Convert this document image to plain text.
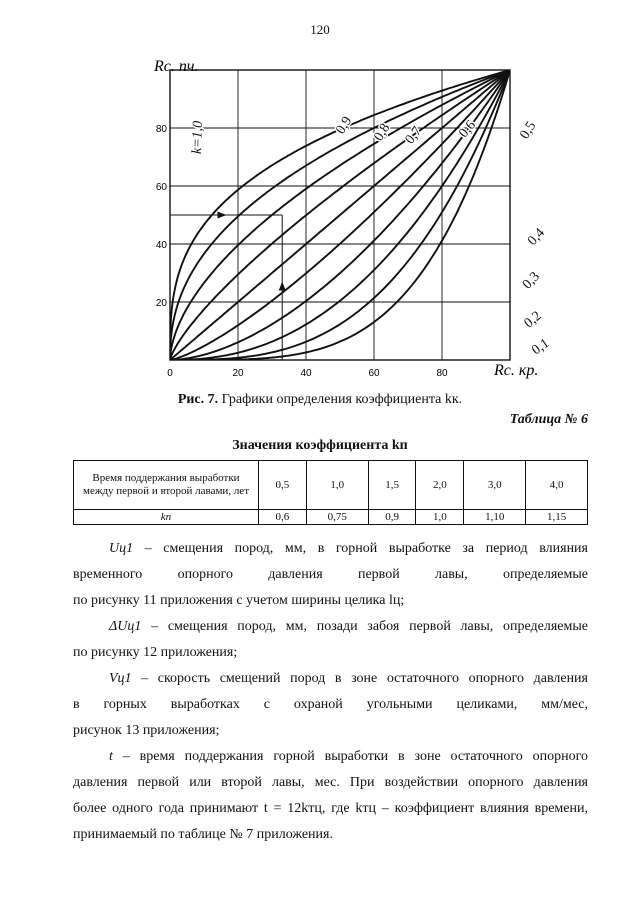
120
k=1,0	0,9 0,8 0,7 0,6	0,5
0,4
0,3
0,2
0,1
0	20	40	60	80
20
40
60
80
Rс. пч.
Rс. кр.
Рис. 7. Графики определения коэффициента kк.
Таблица № 6
Значения коэффициента kп
Время поддержания выработки между первой и второй лавами, лет	0,5	1,0	1,5	2,0	3,0	4,0
kп	0,6	0,75	0,9	1,0	1,10	1,15

Uц1 – смещения пород, мм, в горной выработке за период влияния

временного опорного давления первой лавы, определяемые

по рисунку 11 приложения с учетом ширины целика lц;

ΔUц1 – смещения пород, мм, позади забоя первой лавы, определяемые

по рисунку 12 приложения;

Vц1 – скорость смещений пород в зоне остаточного опорного давления

в горных выработках с охраной угольными целиками, мм/мес,

рисунок 13 приложения;

t – время поддержания горной выработки в зоне остаточного опорного

давления первой или второй лавы, мес. При воздействии опорного давления

более одного года принимают t = 12kтц, где kтц – коэффициент влияния времени,

принимаемый по таблице № 7 приложения.
